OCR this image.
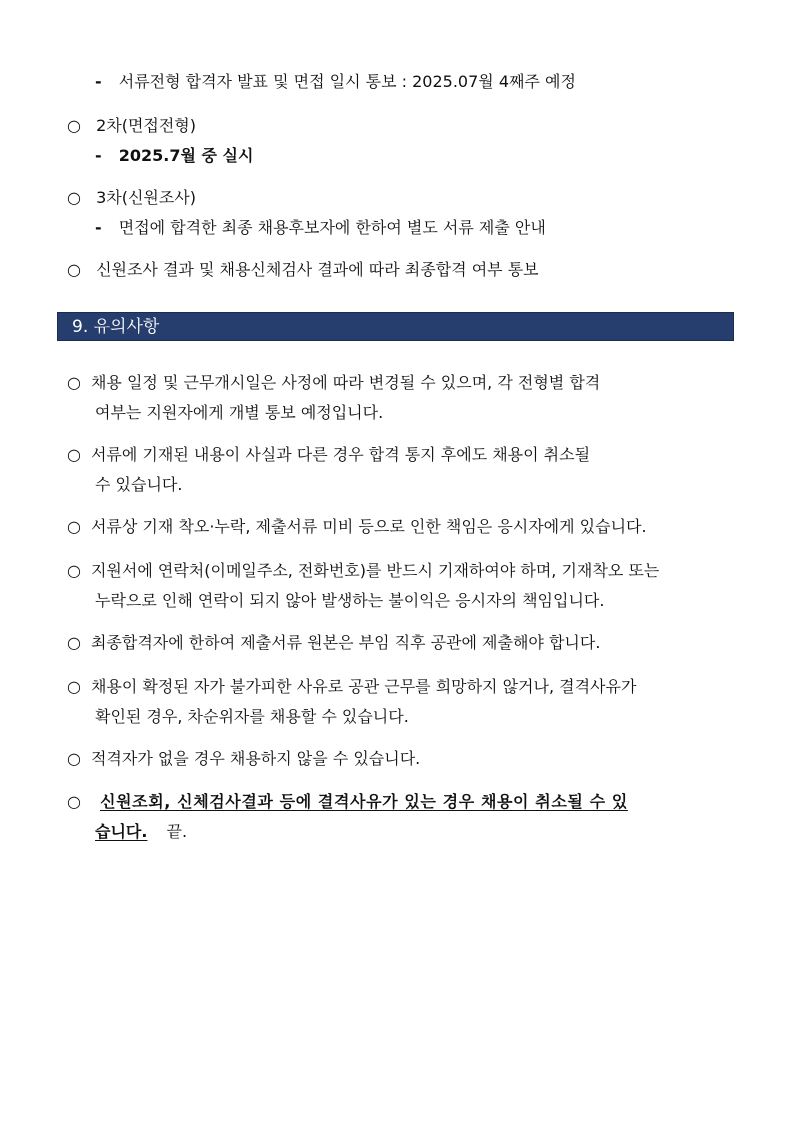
- 서류전형 합격자 발표 및 면접 일시 통보 : 2025.07월 4째주 예정
○ 2차(면접전형)
- 2025.7월 중 실시
○ 3차(신원조사)
- 면접에 합격한 최종 채용후보자에 한하여 별도 서류 제출 안내
○ 신원조사 결과 및 채용신체검사 결과에 따라 최종합격 여부 통보
9. 유의사항
○ 채용 일정 및 근무개시일은 사정에 따라 변경될 수 있으며, 각 전형별 합격
여부는 지원자에게 개별 통보 예정입니다.
○ 서류에 기재된 내용이 사실과 다른 경우 합격 통지 후에도 채용이 취소될
수 있습니다.
○ 서류상 기재 착오·누락, 제출서류 미비 등으로 인한 책임은 응시자에게 있습니다.
○ 지원서에 연락처(이메일주소, 전화번호)를 반드시 기재하여야 하며, 기재착오 또는
누락으로 인해 연락이 되지 않아 발생하는 불이익은 응시자의 책임입니다.
○ 최종합격자에 한하여 제출서류 원본은 부임 직후 공관에 제출해야 합니다.
○ 채용이 확정된 자가 불가피한 사유로 공관 근무를 희망하지 않거나, 결격사유가
확인된 경우, 차순위자를 채용할 수 있습니다.
○ 적격자가 없을 경우 채용하지 않을 수 있습니다.
○ 신원조회, 신체검사결과 등에 결격사유가 있는 경우 채용이 취소될 수 있
습니다. 끝.
